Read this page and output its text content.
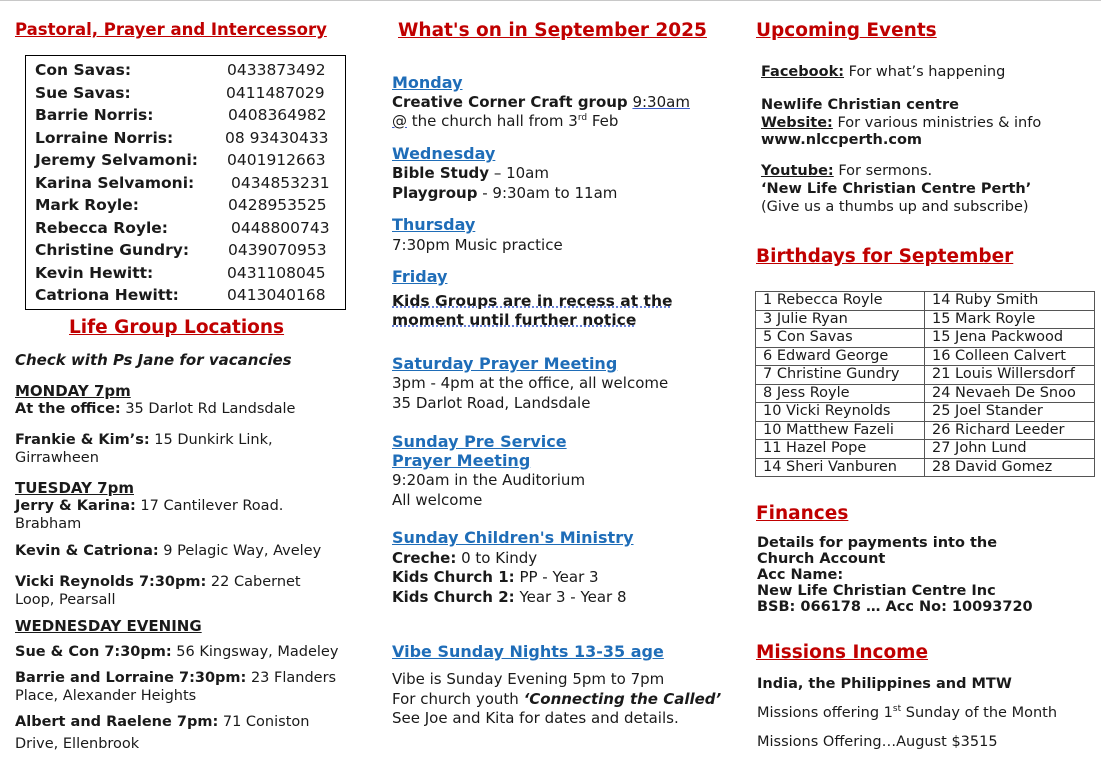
Pastoral, Prayer and Intercessory
Con Savas:	0433873492
Sue Savas:	0411487029
Barrie Norris:	0408364982
Lorraine Norris:	08 93430433
Jeremy Selvamoni: 0401912663
Karina Selvamoni: 0434853231
Mark Royle:	0428953525
Rebecca Royle:	0448800743
Christine Gundry:	0439070953
Kevin Hewitt:	0431108045
Catriona Hewitt:	0413040168
Life Group Locations
Check with Ps Jane for vacancies
MONDAY 7pm
At the office: 35 Darlot Rd Landsdale
Frankie & Kim’s: 15 Dunkirk Link,
Girrawheen
TUESDAY 7pm
Jerry & Karina: 17 Cantilever Road.
Brabham
Kevin & Catriona: 9 Pelagic Way, Aveley
Vicki Reynolds 7:30pm: 22 Cabernet
Loop, Pearsall
WEDNESDAY EVENING
Sue & Con 7:30pm: 56 Kingsway, Madeley
Barrie and Lorraine 7:30pm: 23 Flanders
Place, Alexander Heights
Albert and Raelene 7pm: 71 Coniston
Drive, Ellenbrook
What's on in September 2025
Monday
Creative Corner Craft group 9:30am
@ the church hall from 3rd Feb
Wednesday
Bible Study – 10am
Playgroup - 9:30am to 11am
Thursday
7:30pm Music practice
Friday
Kids Groups are in recess at the
moment until further notice
Saturday Prayer Meeting
3pm - 4pm at the office, all welcome
35 Darlot Road, Landsdale
Sunday Pre Service
Prayer Meeting
9:20am in the Auditorium
All welcome
Sunday Children's Ministry
Creche: 0 to Kindy
Kids Church 1: PP - Year 3
Kids Church 2: Year 3 - Year 8
Vibe Sunday Nights 13-35 age
Vibe is Sunday Evening 5pm to 7pm
For church youth ‘Connecting the Called’
See Joe and Kita for dates and details.
Upcoming Events
Facebook: For what’s happening
Newlife Christian centre
Website: For various ministries & info
www.nlccperth.com
Youtube: For sermons.
‘New Life Christian Centre Perth’
(Give us a thumbs up and subscribe)
Birthdays for September
Finances
Details for payments into the
Church Account
Acc Name:
New Life Christian Centre Inc
BSB: 066178 … Acc No: 10093720
Missions Income
India, the Philippines and MTW
Missions offering 1st Sunday of the Month
Missions Offering…August $3515
1 Rebecca Royle	14 Ruby Smith
3 Julie Ryan	15 Mark Royle
5 Con Savas	15 Jena Packwood
6 Edward George	16 Colleen Calvert
7 Christine Gundry	21 Louis Willersdorf
8 Jess Royle	24 Nevaeh De Snoo
10 Vicki Reynolds	25 Joel Stander
10 Matthew Fazeli	26 Richard Leeder
11 Hazel Pope	27 John Lund
14 Sheri Vanburen	28 David Gomez
